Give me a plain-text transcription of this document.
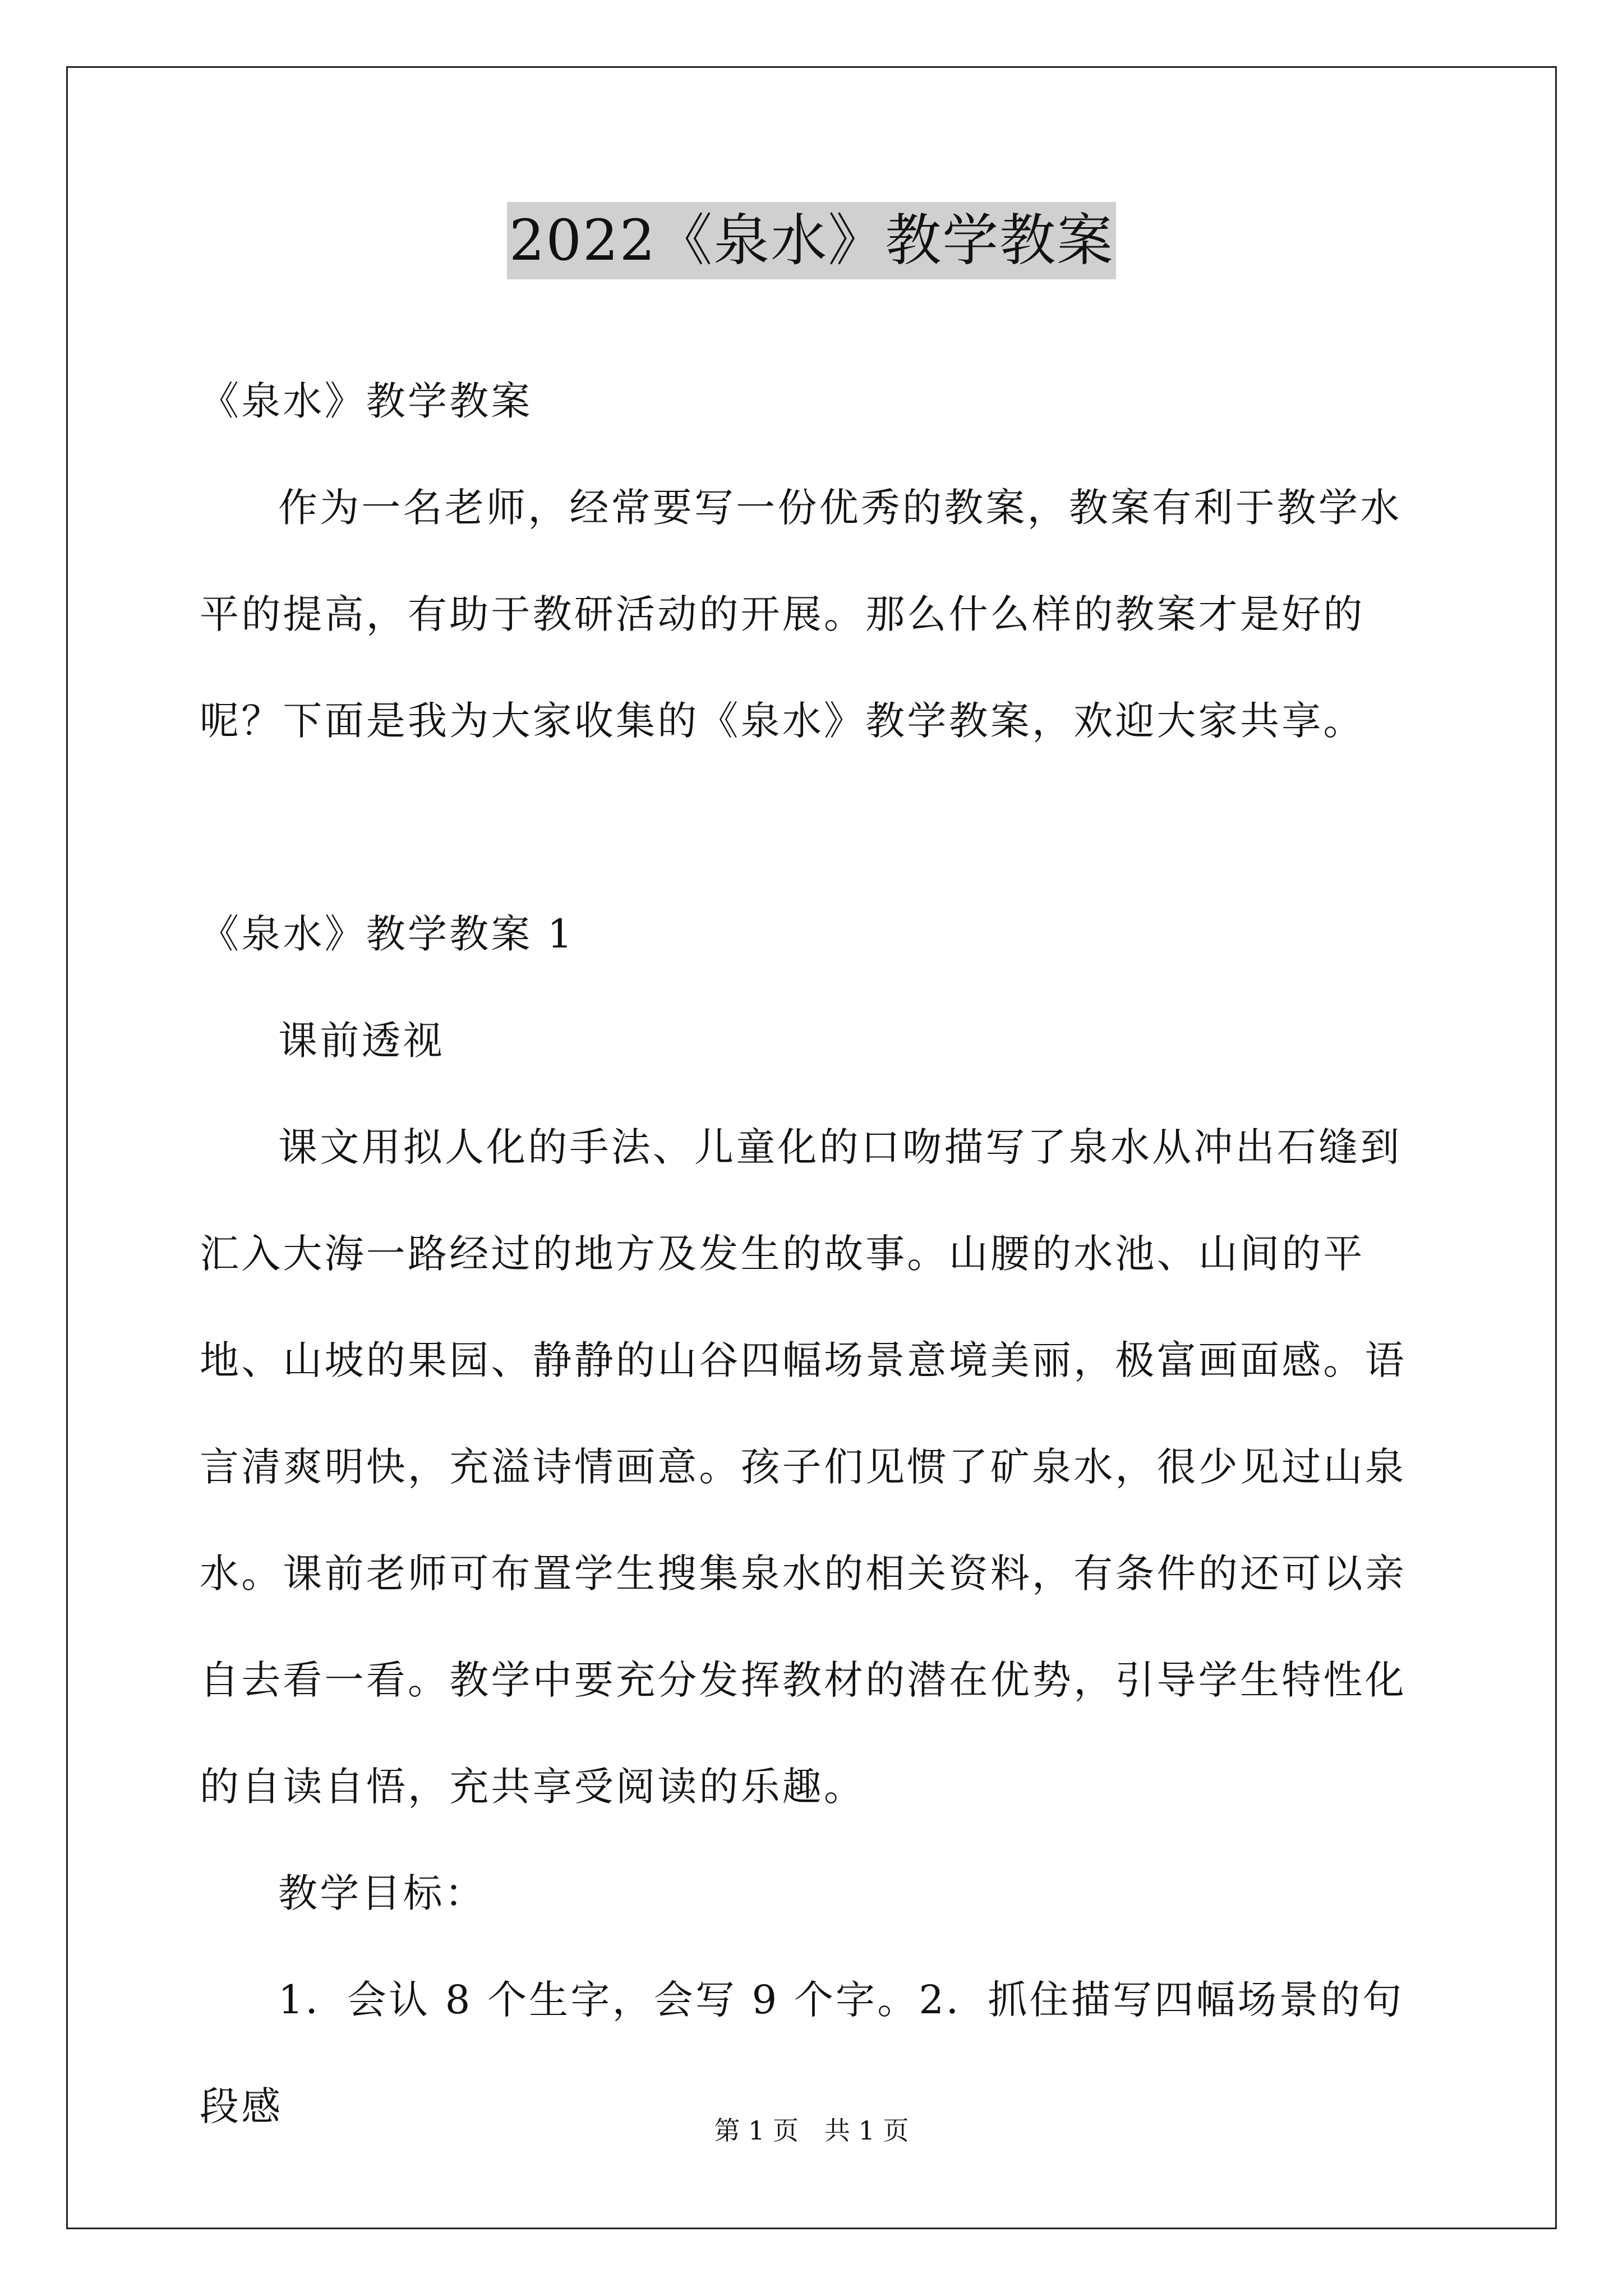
2022《泉水》教学教案

《泉水》教学教案

作为一名老师，经常要写一份优秀的教案，教案有利于教学水平的提高，有助于教研活动的开展。那么什么样的教案才是好的呢？下面是我为大家收集的《泉水》教学教案，欢迎大家共享。

《泉水》教学教案 1

课前透视

课文用拟人化的手法、儿童化的口吻描写了泉水从冲出石缝到汇入大海一路经过的地方及发生的故事。山腰的水池、山间的平地、山坡的果园、静静的山谷四幅场景意境美丽，极富画面感。语言清爽明快，充溢诗情画意。孩子们见惯了矿泉水，很少见过山泉水。课前老师可布置学生搜集泉水的相关资料，有条件的还可以亲自去看一看。教学中要充分发挥教材的潜在优势，引导学生特性化的自读自悟，充共享受阅读的乐趣。

教学目标：

1．会认 8 个生字，会写 9 个字。2．抓住描写四幅场景的句段感

第 1 页　共 1 页
